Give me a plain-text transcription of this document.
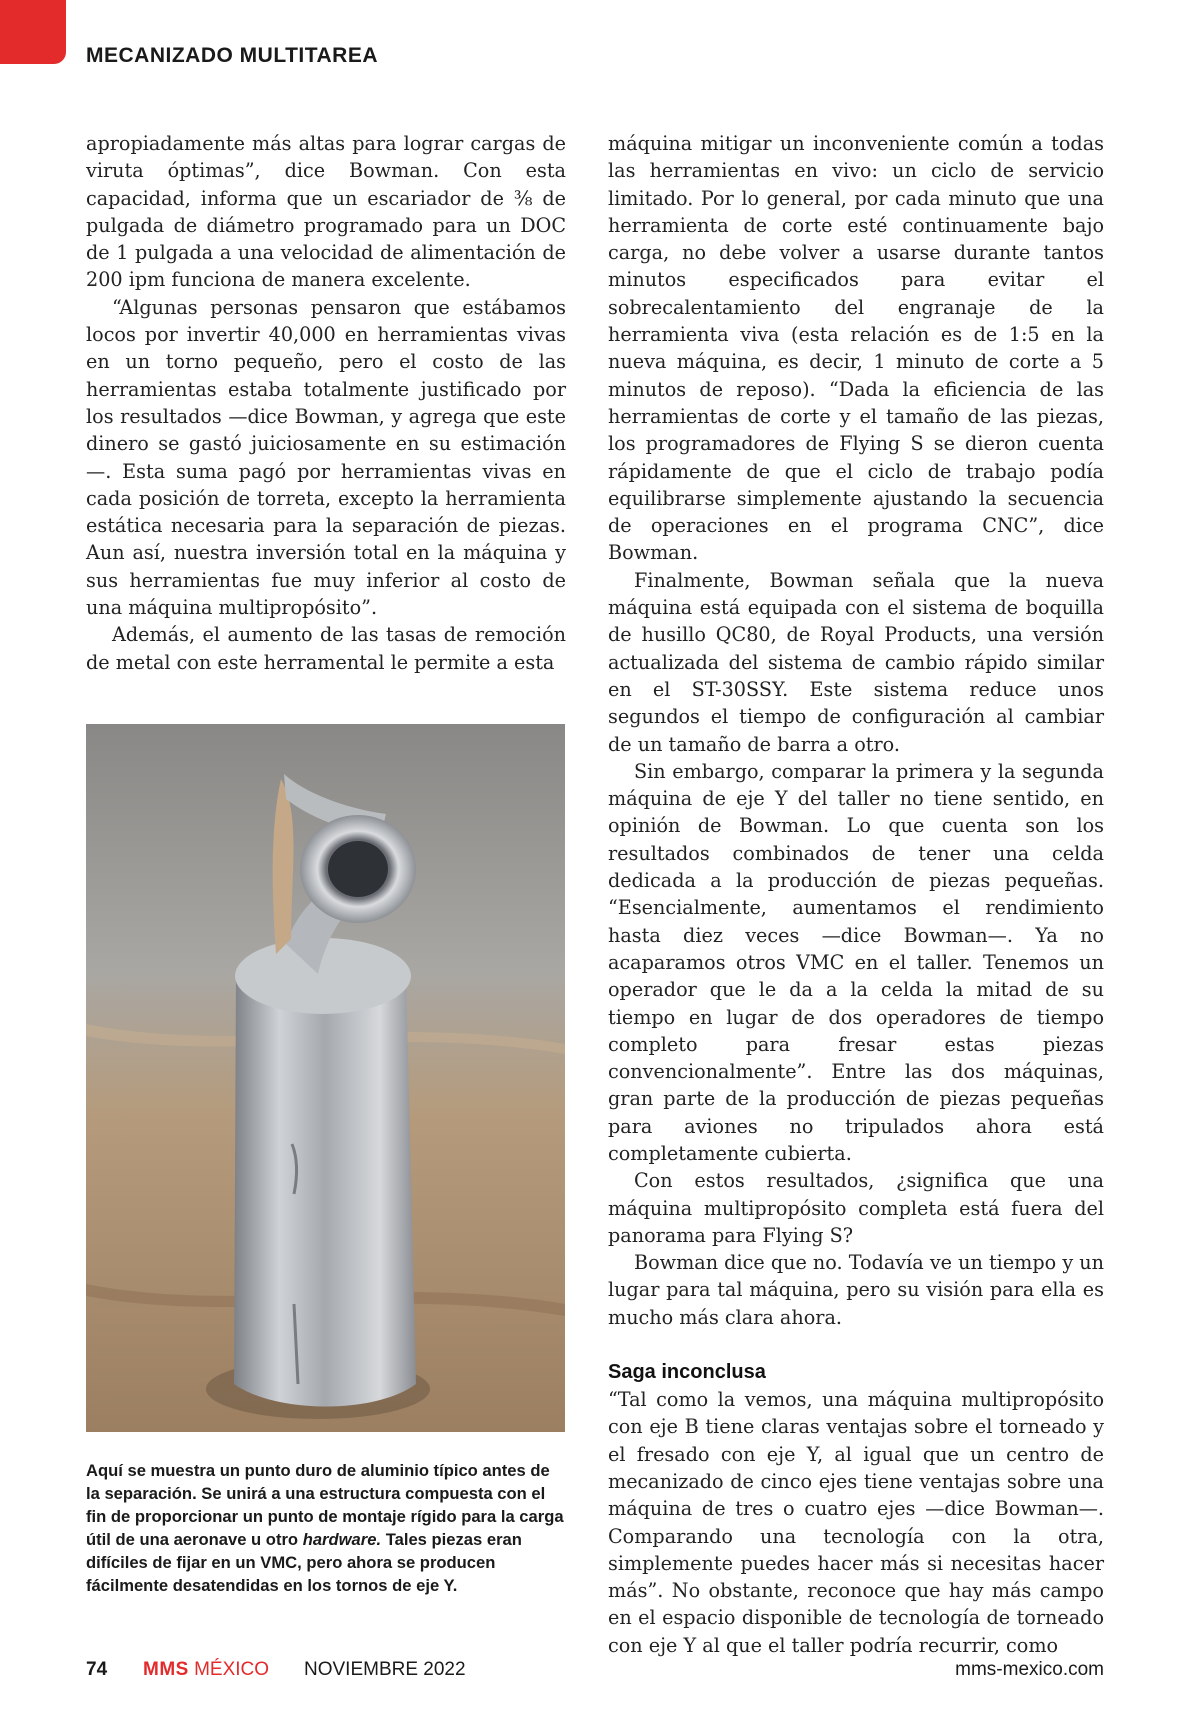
MECANIZADO MULTITAREA

apropiadamente más altas para lograr cargas de viruta óptimas”, dice Bowman. Con esta capacidad, informa que un escariador de ⅜ de pulgada de diámetro programado para un DOC de 1 pulgada a una velocidad de alimentación de 200 ipm funciona de manera excelente.

“Algunas personas pensaron que estábamos locos por invertir 40,000 en herramientas vivas en un torno pequeño, pero el costo de las herramientas estaba totalmente justificado por los resultados —dice Bowman, y agrega que este dinero se gastó juiciosamente en su estimación—. Esta suma pagó por herramientas vivas en cada posición de torreta, excepto la herramienta estática necesaria para la separación de piezas. Aun así, nuestra inversión total en la máquina y sus herramientas fue muy inferior al costo de una máquina multipropósito”.

Además, el aumento de las tasas de remoción de metal con este herramental le permite a esta

Aquí se muestra un punto duro de aluminio típico antes de la separación. Se unirá a una estructura compuesta con el fin de proporcionar un punto de montaje rígido para la carga útil de una aeronave u otro hardware. Tales piezas eran difíciles de fijar en un VMC, pero ahora se producen fácilmente desatendidas en los tornos de eje Y.

máquina mitigar un inconveniente común a todas las herramientas en vivo: un ciclo de servicio limitado. Por lo general, por cada minuto que una herramienta de corte esté continuamente bajo carga, no debe volver a usarse durante tantos minutos especificados para evitar el sobrecalentamiento del engranaje de la herramienta viva (esta relación es de 1:5 en la nueva máquina, es decir, 1 minuto de corte a 5 minutos de reposo). “Dada la eficiencia de las herramientas de corte y el tamaño de las piezas, los programadores de Flying S se dieron cuenta rápidamente de que el ciclo de trabajo podía equilibrarse simplemente ajustando la secuencia de operaciones en el programa CNC”, dice Bowman.

Finalmente, Bowman señala que la nueva máquina está equipada con el sistema de boquilla de husillo QC80, de Royal Products, una versión actualizada del sistema de cambio rápido similar en el ST-30SSY. Este sistema reduce unos segundos el tiempo de configuración al cambiar de un tamaño de barra a otro.

Sin embargo, comparar la primera y la segunda máquina de eje Y del taller no tiene sentido, en opinión de Bowman. Lo que cuenta son los resultados combinados de tener una celda dedicada a la producción de piezas pequeñas. “Esencialmente, aumentamos el rendimiento hasta diez veces —dice Bowman—. Ya no acaparamos otros VMC en el taller. Tenemos un operador que le da a la celda la mitad de su tiempo en lugar de dos operadores de tiempo completo para fresar estas piezas convencionalmente”. Entre las dos máquinas, gran parte de la producción de piezas pequeñas para aviones no tripulados ahora está completamente cubierta.

Con estos resultados, ¿significa que una máquina multipropósito completa está fuera del panorama para Flying S?

Bowman dice que no. Todavía ve un tiempo y un lugar para tal máquina, pero su visión para ella es mucho más clara ahora.

Saga inconclusa

“Tal como la vemos, una máquina multipropósito con eje B tiene claras ventajas sobre el torneado y el fresado con eje Y, al igual que un centro de mecanizado de cinco ejes tiene ventajas sobre una máquina de tres o cuatro ejes —dice Bowman—. Comparando una tecnología con la otra, simplemente puedes hacer más si necesitas hacer más”. No obstante, reconoce que hay más campo en el espacio disponible de tecnología de torneado con eje Y al que el taller podría recurrir, como

74 MMS MÉXICO NOVIEMBRE 2022	mms-mexico.com
